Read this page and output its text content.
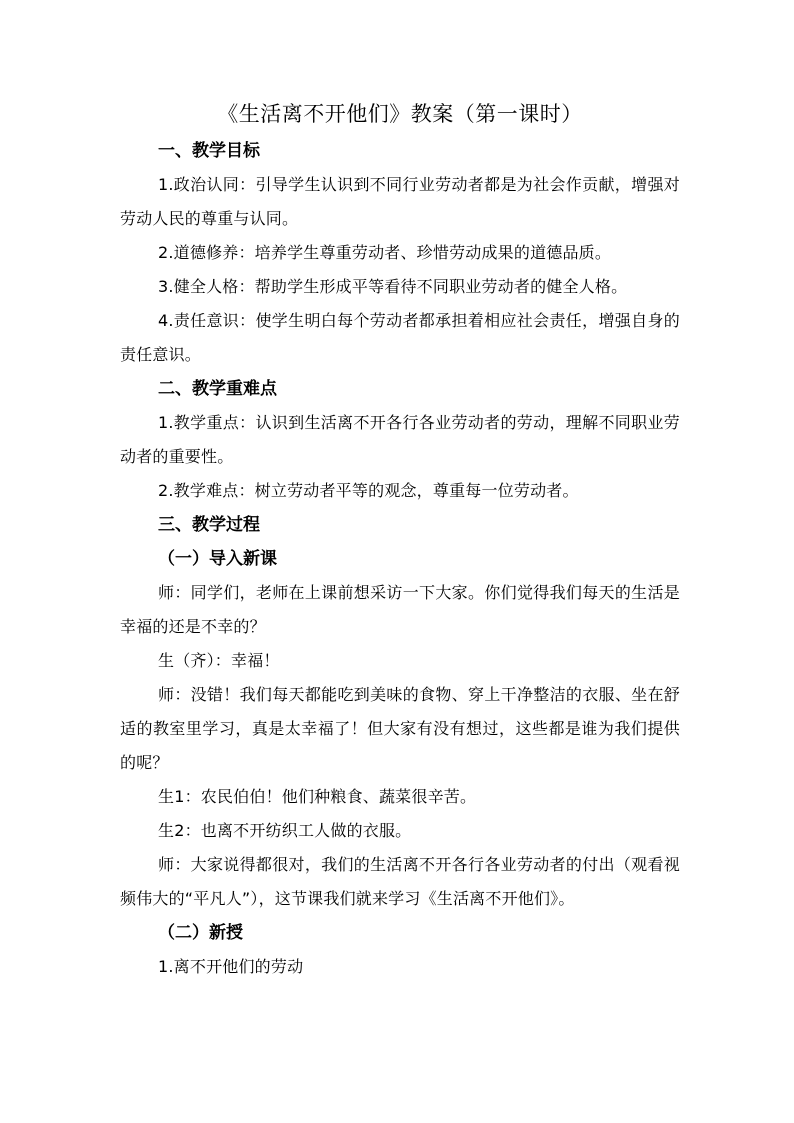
《生活离不开他们》教案（第一课时）

一、教学目标

1.政治认同：引导学生认识到不同行业劳动者都是为社会作贡献，增强对劳动人民的尊重与认同。

2.道德修养：培养学生尊重劳动者、珍惜劳动成果的道德品质。

3.健全人格：帮助学生形成平等看待不同职业劳动者的健全人格。

4.责任意识：使学生明白每个劳动者都承担着相应社会责任，增强自身的责任意识。

二、教学重难点

1.教学重点：认识到生活离不开各行各业劳动者的劳动，理解不同职业劳动者的重要性。

2.教学难点：树立劳动者平等的观念，尊重每一位劳动者。

三、教学过程

（一）导入新课

师：同学们，老师在上课前想采访一下大家。你们觉得我们每天的生活是幸福的还是不幸的？

生（齐）：幸福！

师：没错！我们每天都能吃到美味的食物、穿上干净整洁的衣服、坐在舒适的教室里学习，真是太幸福了！但大家有没有想过，这些都是谁为我们提供的呢？

生1：农民伯伯！他们种粮食、蔬菜很辛苦。

生2：也离不开纺织工人做的衣服。

师：大家说得都很对，我们的生活离不开各行各业劳动者的付出（观看视频伟大的“平凡人”），这节课我们就来学习《生活离不开他们》。

（二）新授

1.离不开他们的劳动
